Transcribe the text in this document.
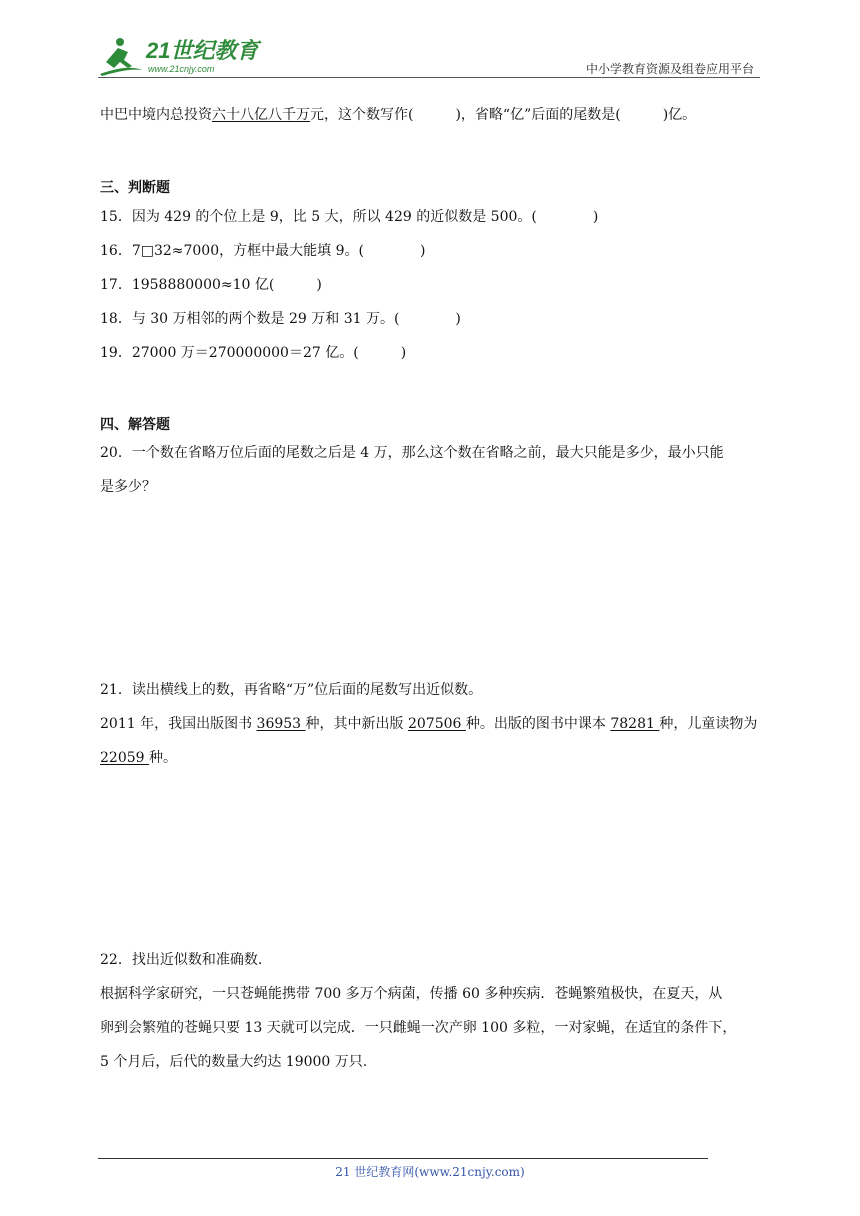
21世纪教育
www.21cnjy.com	中小学教育资源及组卷应用平台
中巴中境内总投资六十八亿八千万元，这个数写作(　　　)，省略“亿”后面的尾数是(　　　)亿。
三、判断题
15．因为 429 的个位上是 9，比 5 大，所以 429 的近似数是 500。(　　　　)
16．7□32≈7000，方框中最大能填 9。(　　　　)
17．1958880000≈10 亿(　　　)
18．与 30 万相邻的两个数是 29 万和 31 万。(　　　　)
19．27000 万＝270000000＝27 亿。(　　　)
四、解答题
20．一个数在省略万位后面的尾数之后是 4 万，那么这个数在省略之前，最大只能是多少，最小只能
是多少？
21．读出横线上的数，再省略“万”位后面的尾数写出近似数。
2011 年，我国出版图书 36953 种，其中新出版 207506 种。出版的图书中课本 78281 种，儿童读物为
22059 种。
22．找出近似数和准确数.
根据科学家研究，一只苍蝇能携带 700 多万个病菌，传播 60 多种疾病．苍蝇繁殖极快，在夏天，从
卵到会繁殖的苍蝇只要 13 天就可以完成．一只雌蝇一次产卵 100 多粒，一对家蝇，在适宜的条件下，
5 个月后，后代的数量大约达 19000 万只.
21 世纪教育网(www.21cnjy.com)
